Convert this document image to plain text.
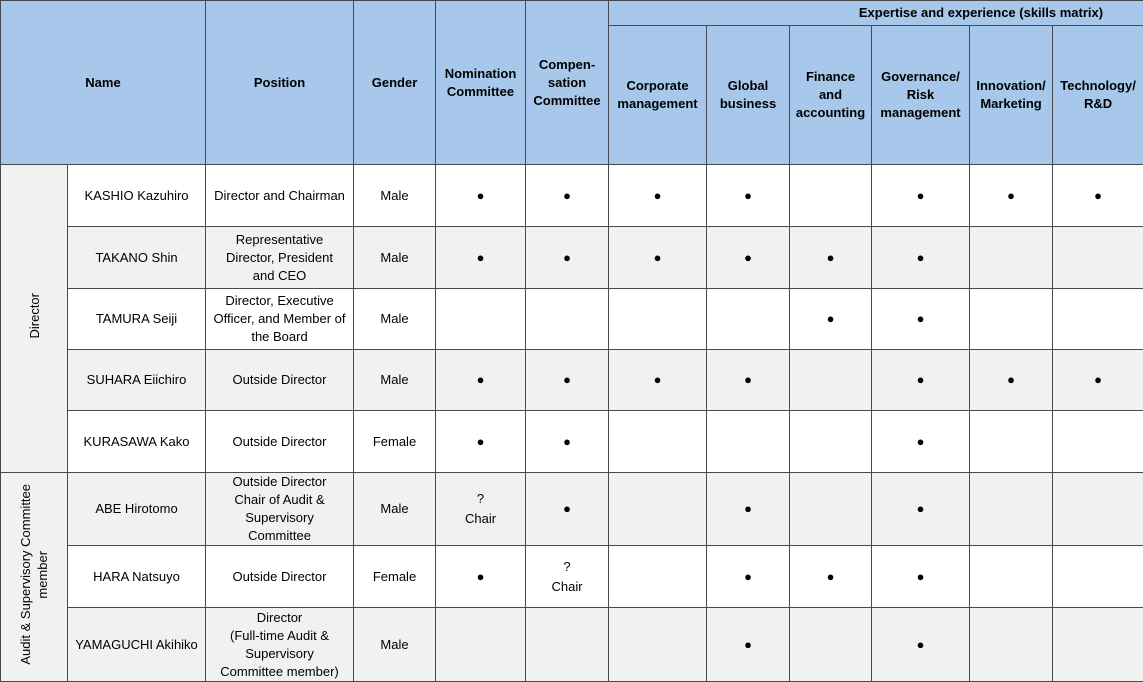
Name		Position	Gender	Nomination Committee	Compen-
sation
Committee	Expertise and experience (skills matrix)					
						Corporate
management	Global
business	Finance
and
accounting	Governance/
Risk
management	Innovation/
Marketing	Technology/
R&D
Director	KASHIO Kazuhiro	Director and Chairman	Male	●	●	●	●		●	●	●
	TAKANO Shin	Representative
Director, President
and CEO	Male	●	●	●	●	●	●		
	TAMURA Seiji	Director, Executive
Officer, and Member of
the Board	Male					●	●		
	SUHARA Eiichiro	Outside Director	Male	●	●	●	●		●	●	●
	KURASAWA Kako	Outside Director	Female	●	●				●		
Audit & Supervisory Committee
member	ABE Hirotomo	Outside Director
Chair of Audit &
Supervisory
Committee	Male	?
Chair	●		●		●		
	HARA Natsuyo	Outside Director	Female	●	?
Chair		●	●	●		
	YAMAGUCHI Akihiko	Director
(Full-time Audit &
Supervisory
Committee member)	Male				●		●		
